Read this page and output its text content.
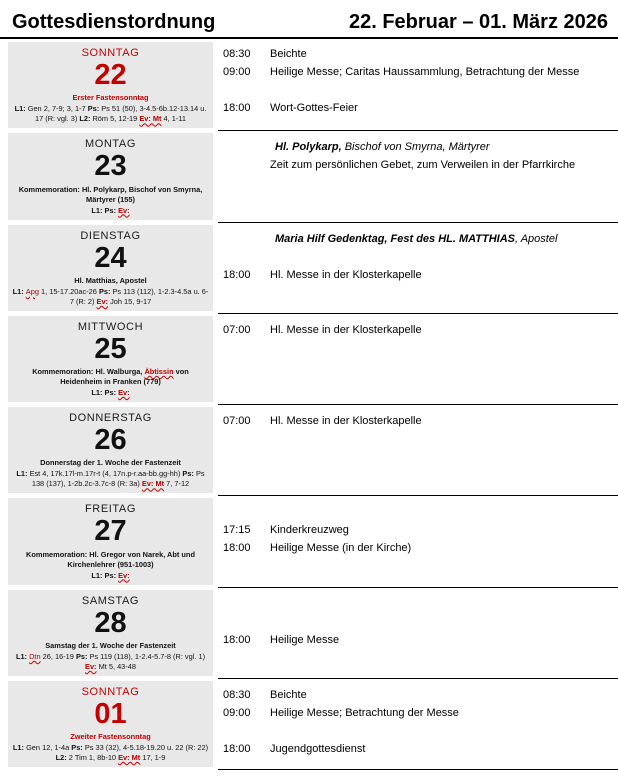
Gottesdienstordnung	22. Februar – 01. März 2026
SONNTAG
22
Erster Fastensonntag
L1: Gen 2, 7-9; 3, 1-7 Ps: Ps 51 (50), 3-4.5-6b.12-13.14 u. 17 (R: vgl. 3) L2: Röm 5, 12-19 Ev: Mt 4, 1-11
08:30	Beichte
09:00	Heilige Messe; Caritas Haussammlung, Betrachtung der Messe

18:00	Wort-Gottes-Feier
MONTAG
23
Kommemoration: Hl. Polykarp, Bischof von Smyrna, Märtyrer (155)
L1: Ps: Ev:
Hl. Polykarp, Bischof von Smyrna, Märtyrer

Zeit zum persönlichen Gebet, zum Verweilen in der Pfarrkirche
DIENSTAG
24
Hl. Matthias, Apostel
L1: Apg 1, 15-17.20ac-26 Ps: Ps 113 (112), 1-2.3-4.5a u. 6-7 (R: 2) Ev: Joh 15, 9-17
Maria Hilf Gedenktag, Fest des HL. MATTHIAS, Apostel

18:00	Hl. Messe in der Klosterkapelle
MITTWOCH
25
Kommemoration: Hl. Walburga, Äbtissin von Heidenheim in Franken (779)
L1: Ps: Ev:
07:00	Hl. Messe in der Klosterkapelle
DONNERSTAG
26
Donnerstag der 1. Woche der Fastenzeit
L1: Est 4, 17k.17l-m.17r-t (4, 17n.p-r.aa-bb.gg-hh) Ps: Ps 138 (137), 1-2b.2c-3.7c-8 (R: 3a) Ev: Mt 7, 7-12
07:00	Hl. Messe in der Klosterkapelle
FREITAG
27
Kommemoration: Hl. Gregor von Narek, Abt und Kirchenlehrer (951-1003)
L1: Ps: Ev:

17:15	Kinderkreuzweg
18:00	Heilige Messe (in der Kirche)
SAMSTAG
28
Samstag der 1. Woche der Fastenzeit
L1: Dtn 26, 16-19 Ps: Ps 119 (118), 1-2.4-5.7-8 (R: vgl. 1) Ev: Mt 5, 43-48

18:00	Heilige Messe
SONNTAG
01
Zweiter Fastensonntag
L1: Gen 12, 1-4a Ps: Ps 33 (32), 4-5.18-19.20 u. 22 (R: 22) L2: 2 Tim 1, 8b-10 Ev: Mt 17, 1-9
08:30	Beichte
09:00	Heilige Messe; Betrachtung der Messe

18:00	Jugendgottesdienst
